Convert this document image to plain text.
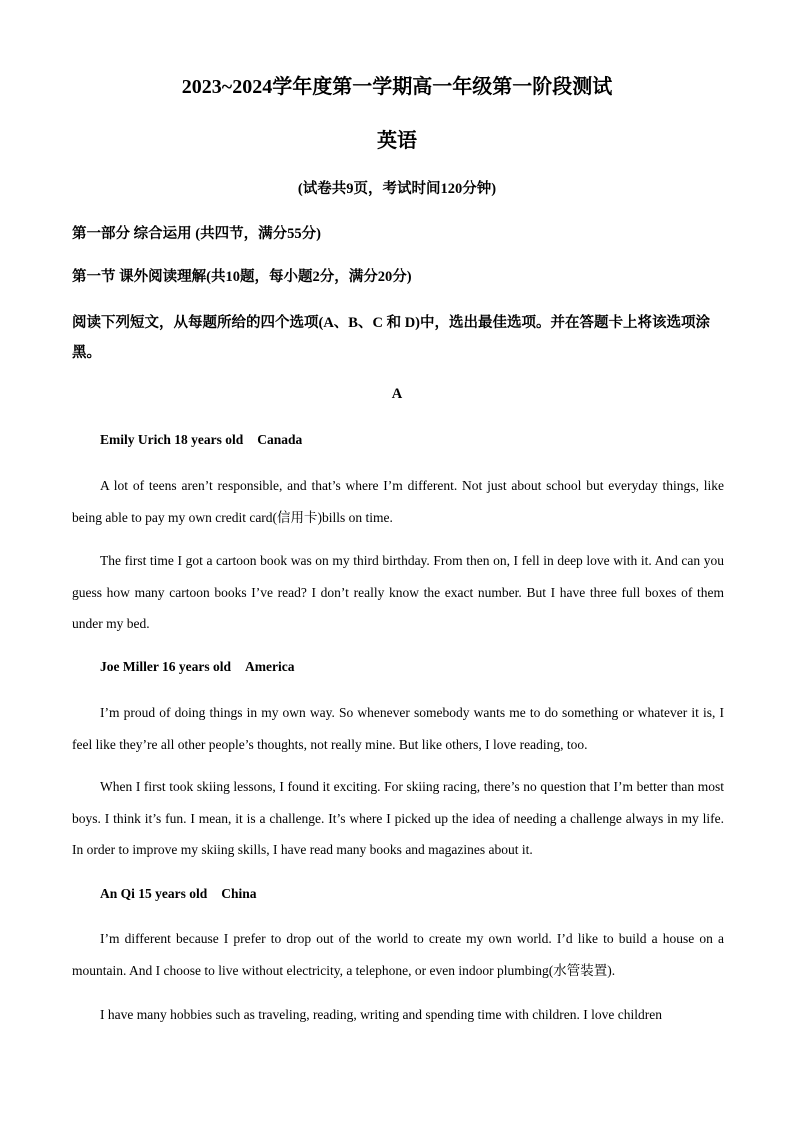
2023~2024学年度第一学期高一年级第一阶段测试
英语
(试卷共9页，考试时间120分钟)
第一部分 综合运用 (共四节，满分55分)
第一节 课外阅读理解(共10题，每小题2分，满分20分)
阅读下列短文，从每题所给的四个选项(A、B、C 和 D)中，选出最佳选项。并在答题卡上将该选项涂黑。
A
Emily Urich 18 years old Canada
A lot of teens aren’t responsible, and that’s where I’m different. Not just about school but everyday things, like being able to pay my own credit card(信用卡)bills on time.
The first time I got a cartoon book was on my third birthday. From then on, I fell in deep love with it. And can you guess how many cartoon books I’ve read? I don’t really know the exact number. But I have three full boxes of them under my bed.
Joe Miller 16 years old America
I’m proud of doing things in my own way. So whenever somebody wants me to do something or whatever it is, I feel like they’re all other people’s thoughts, not really mine. But like others, I love reading, too.
When I first took skiing lessons, I found it exciting. For skiing racing, there’s no question that I’m better than most boys. I think it’s fun. I mean, it is a challenge. It’s where I picked up the idea of needing a challenge always in my life. In order to improve my skiing skills, I have read many books and magazines about it.
An Qi 15 years old China
I’m different because I prefer to drop out of the world to create my own world. I’d like to build a house on a mountain. And I choose to live without electricity, a telephone, or even indoor plumbing(水管装置).
I have many hobbies such as traveling, reading, writing and spending time with children. I love children
